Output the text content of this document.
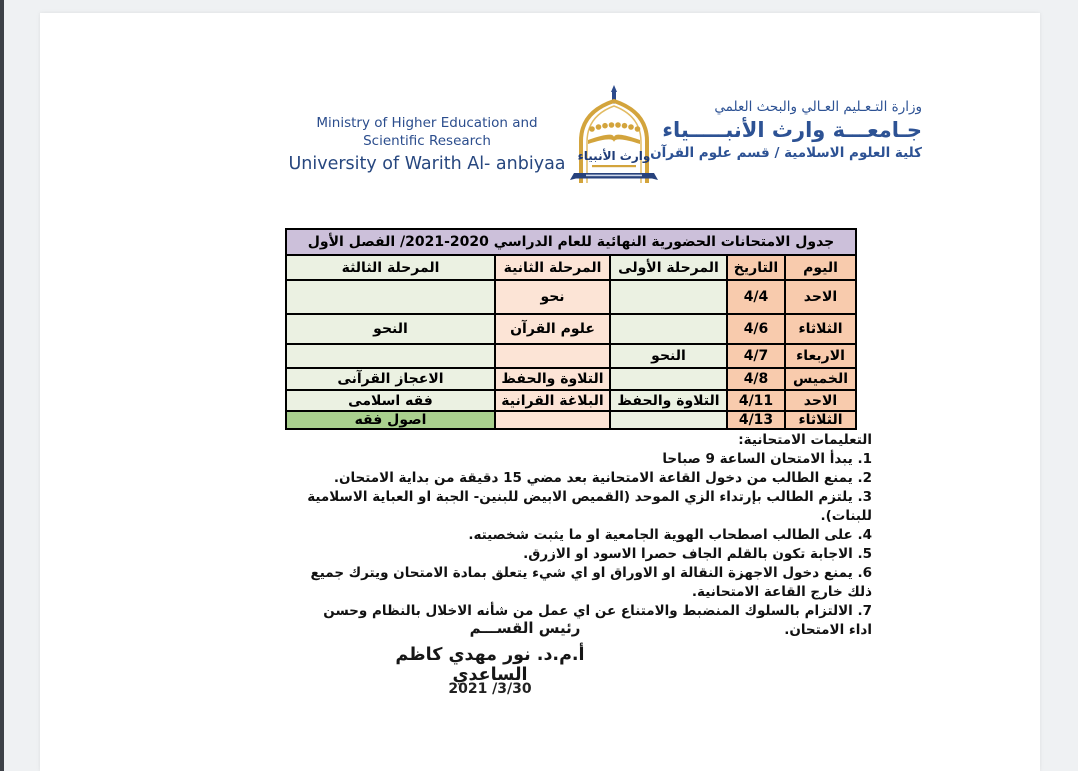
Ministry of Higher Education and
Scientific Research
University of Warith Al- anbiyaa	وارث الأنبياء
وزارة التـعـليم العـالي والبحث العلمي
جـامعـــة وارث الأنبـــــياء
كلية العلوم الاسلامية / قسم علوم القرآن
جدول الامتحانات الحضورية النهائية للعام الدراسي 2020-2021/ الفصل الأول				
اليوم	التاريخ	المرحلة الأولى	المرحلة الثانية	المرحلة الثالثة
الاحد	4/4		نحو	
الثلاثاء	4/6		علوم القرآن	النحو
الاربعاء	4/7	النحو		
الخميس	4/8		التلاوة والحفظ	الاعجاز القرآنى
الاحد	4/11	التلاوة والحفظ	البلاغة القرانية	فقه اسلامى
الثلاثاء	4/13			اصول فقه

التعليمات الامتحانية:

1. يبدأ الامتحان الساعة 9 صباحا

2. يمنع الطالب من دخول القاعة الامتحانية بعد مضي 15 دقيقة من بداية الامتحان.

3. يلتزم الطالب بإرتداء الزي الموحد (القميص الابيض للبنين- الجبة او العباية الاسلامية للبنات).

4. على الطالب اصطحاب الهوية الجامعية او ما يثبت شخصيته.

5. الاجابة تكون بالقلم الجاف حصرا الاسود او الازرق.

6. يمنع دخول الاجهزة النقالة او الاوراق او اي شيء يتعلق بمادة الامتحان ويترك جميع ذلك خارج القاعة الامتحانية.

7. الالتزام بالسلوك المنضبط والامتناع عن اي عمل من شأنه الاخلال بالنظام وحسن اداء الامتحان.

رئيس القســـم
أ.م.د. نور مهدي كاظم الساعدي
2021 /3/30
